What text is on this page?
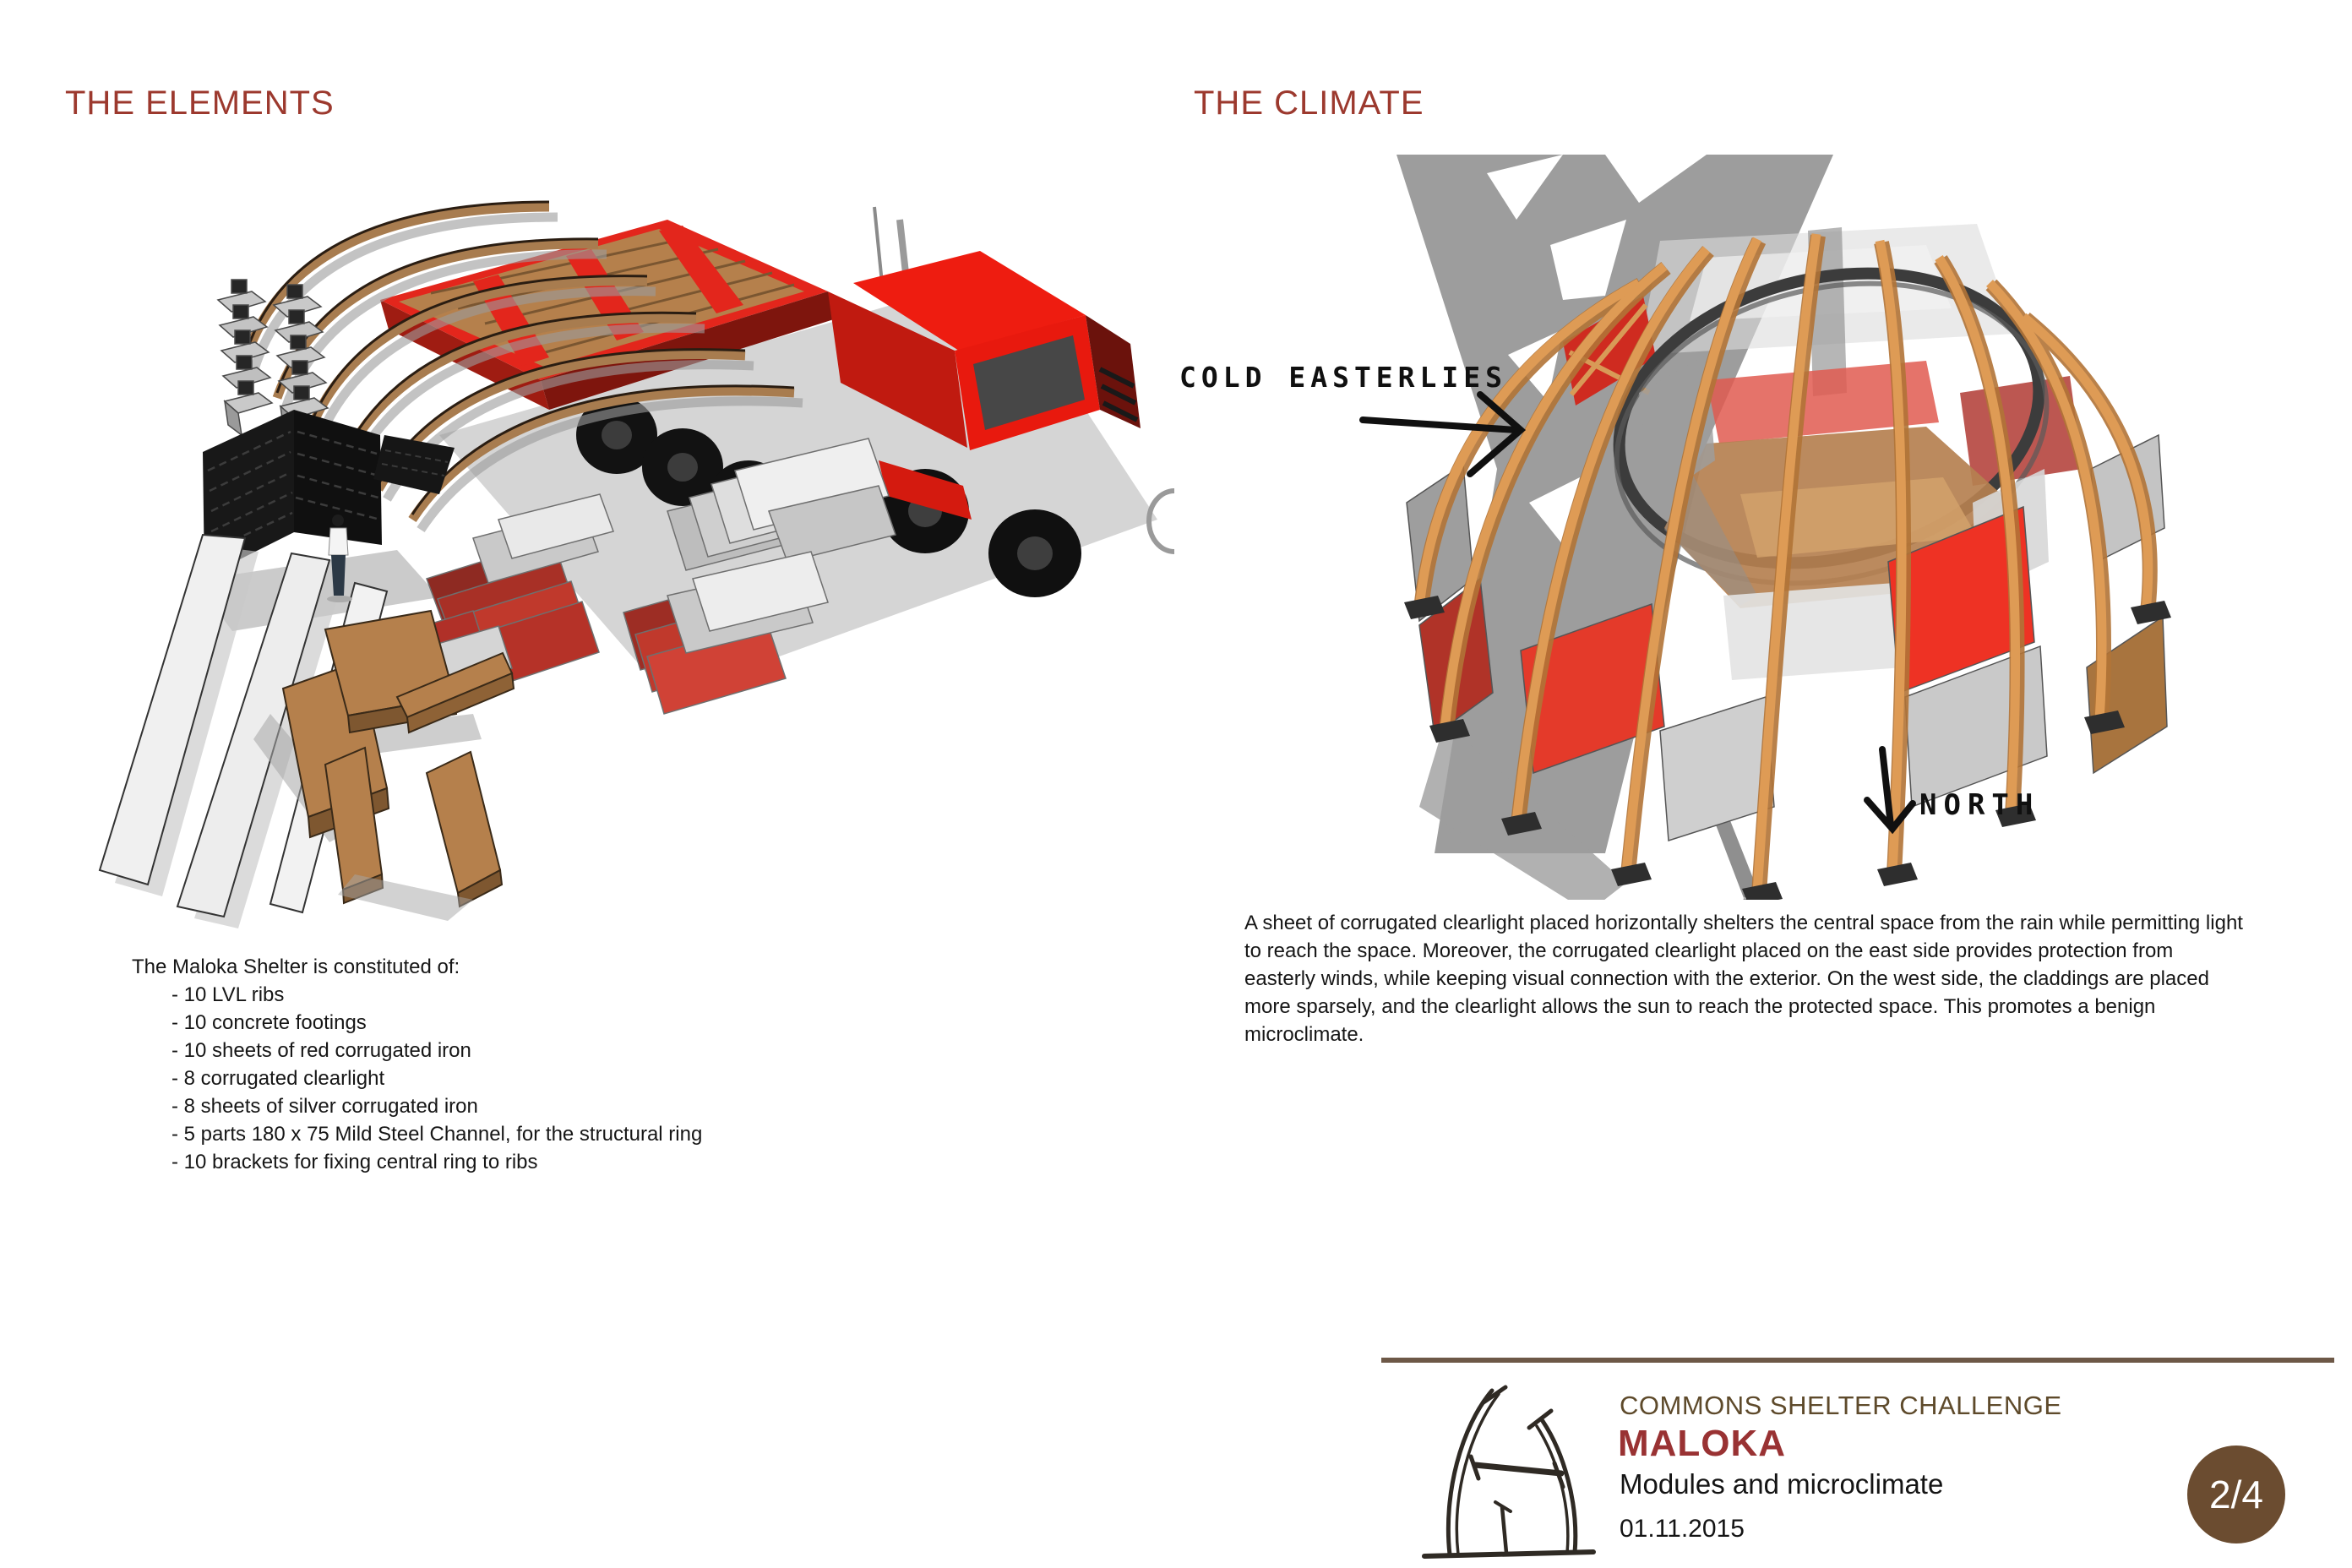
THE ELEMENTS

The Maloka Shelter is constituted of:

- 10 LVL ribs
- 10 concrete footings
- 10 sheets of red corrugated iron
- 8 corrugated clearlight
- 8 sheets of silver corrugated iron
- 5 parts 180 x 75 Mild Steel Channel, for the structural ring
- 10 brackets for fixing central ring to ribs
THE CLIMATE
COLD EASTERLIES
NORTH
A sheet of corrugated clearlight placed horizontally shelters the central space from the rain while permitting light to reach the space. Moreover, the corrugated clearlight placed on the east side provides protection from easterly winds, while keeping visual connection with the exterior. On the west side, the claddings are placed more sparsely, and the clearlight allows the sun to reach the protected space. This promotes a benign microclimate.
COMMONS SHELTER CHALLENGE
MALOKA
Modules and microclimate
01.11.2015
2/4
